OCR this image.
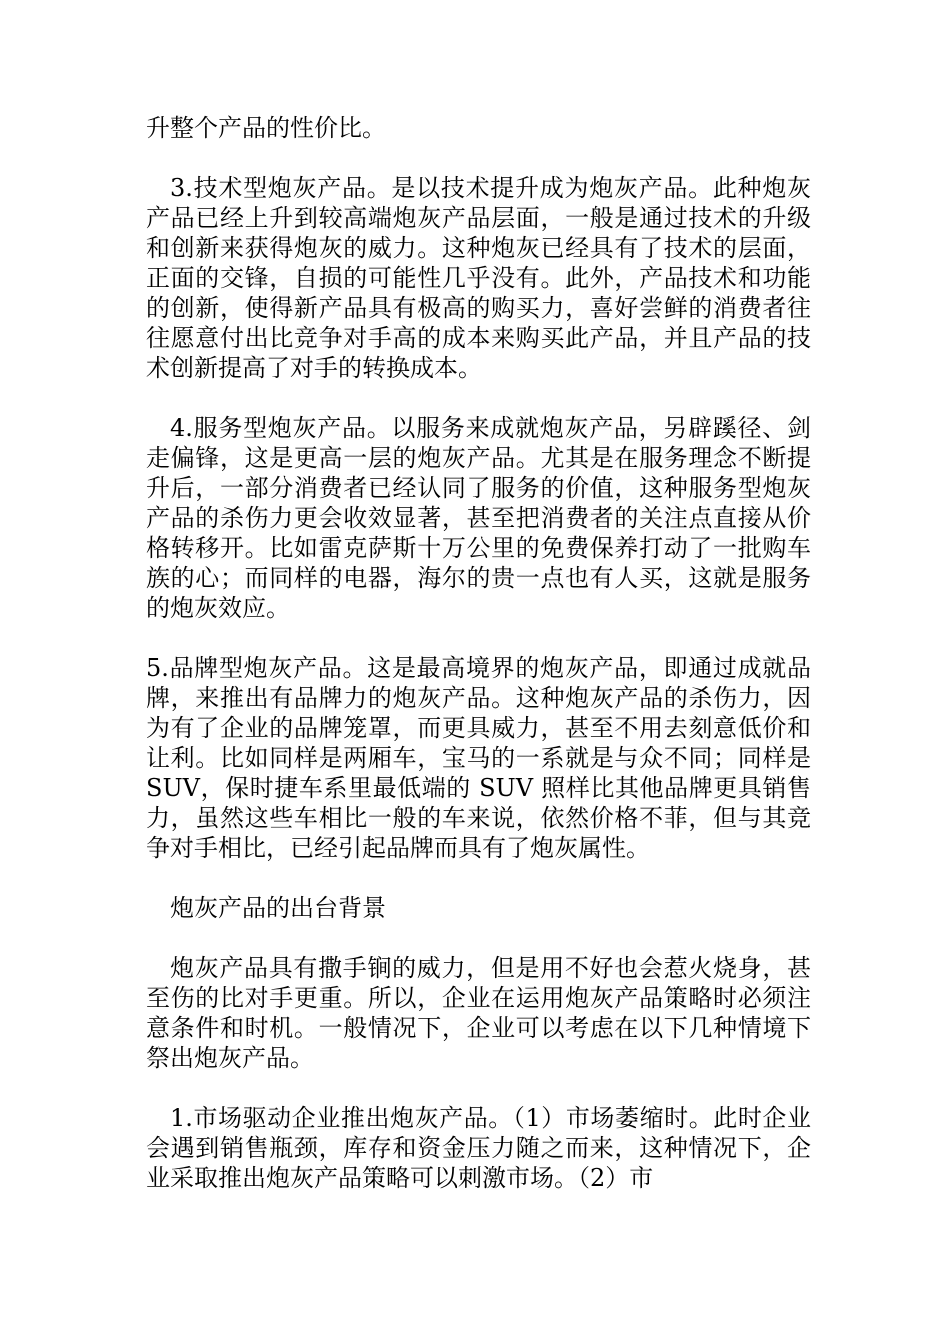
升整个产品的性价比。

3.技术型炮灰产品。是以技术提升成为炮灰产品。此种炮灰产品已经上升到较高端炮灰产品层面，一般是通过技术的升级和创新来获得炮灰的威力。这种炮灰已经具有了技术的层面，正面的交锋，自损的可能性几乎没有。此外，产品技术和功能的创新，使得新产品具有极高的购买力，喜好尝鲜的消费者往往愿意付出比竞争对手高的成本来购买此产品，并且产品的技术创新提高了对手的转换成本。

4.服务型炮灰产品。以服务来成就炮灰产品，另辟蹊径、剑走偏锋，这是更高一层的炮灰产品。尤其是在服务理念不断提升后，一部分消费者已经认同了服务的价值，这种服务型炮灰产品的杀伤力更会收效显著，甚至把消费者的关注点直接从价格转移开。比如雷克萨斯十万公里的免费保养打动了一批购车族的心；而同样的电器，海尔的贵一点也有人买，这就是服务的炮灰效应。

5.品牌型炮灰产品。这是最高境界的炮灰产品，即通过成就品牌，来推出有品牌力的炮灰产品。这种炮灰产品的杀伤力，因为有了企业的品牌笼罩，而更具威力，甚至不用去刻意低价和让利。比如同样是两厢车，宝马的一系就是与众不同；同样是 SUV，保时捷车系里最低端的 SUV 照样比其他品牌更具销售力，虽然这些车相比一般的车来说，依然价格不菲，但与其竞争对手相比，已经引起品牌而具有了炮灰属性。

炮灰产品的出台背景

炮灰产品具有撒手锏的威力，但是用不好也会惹火烧身，甚至伤的比对手更重。所以，企业在运用炮灰产品策略时必须注意条件和时机。一般情况下，企业可以考虑在以下几种情境下祭出炮灰产品。

1.市场驱动企业推出炮灰产品。（1）市场萎缩时。此时企业会遇到销售瓶颈，库存和资金压力随之而来，这种情况下，企业采取推出炮灰产品策略可以刺激市场。（2）市
